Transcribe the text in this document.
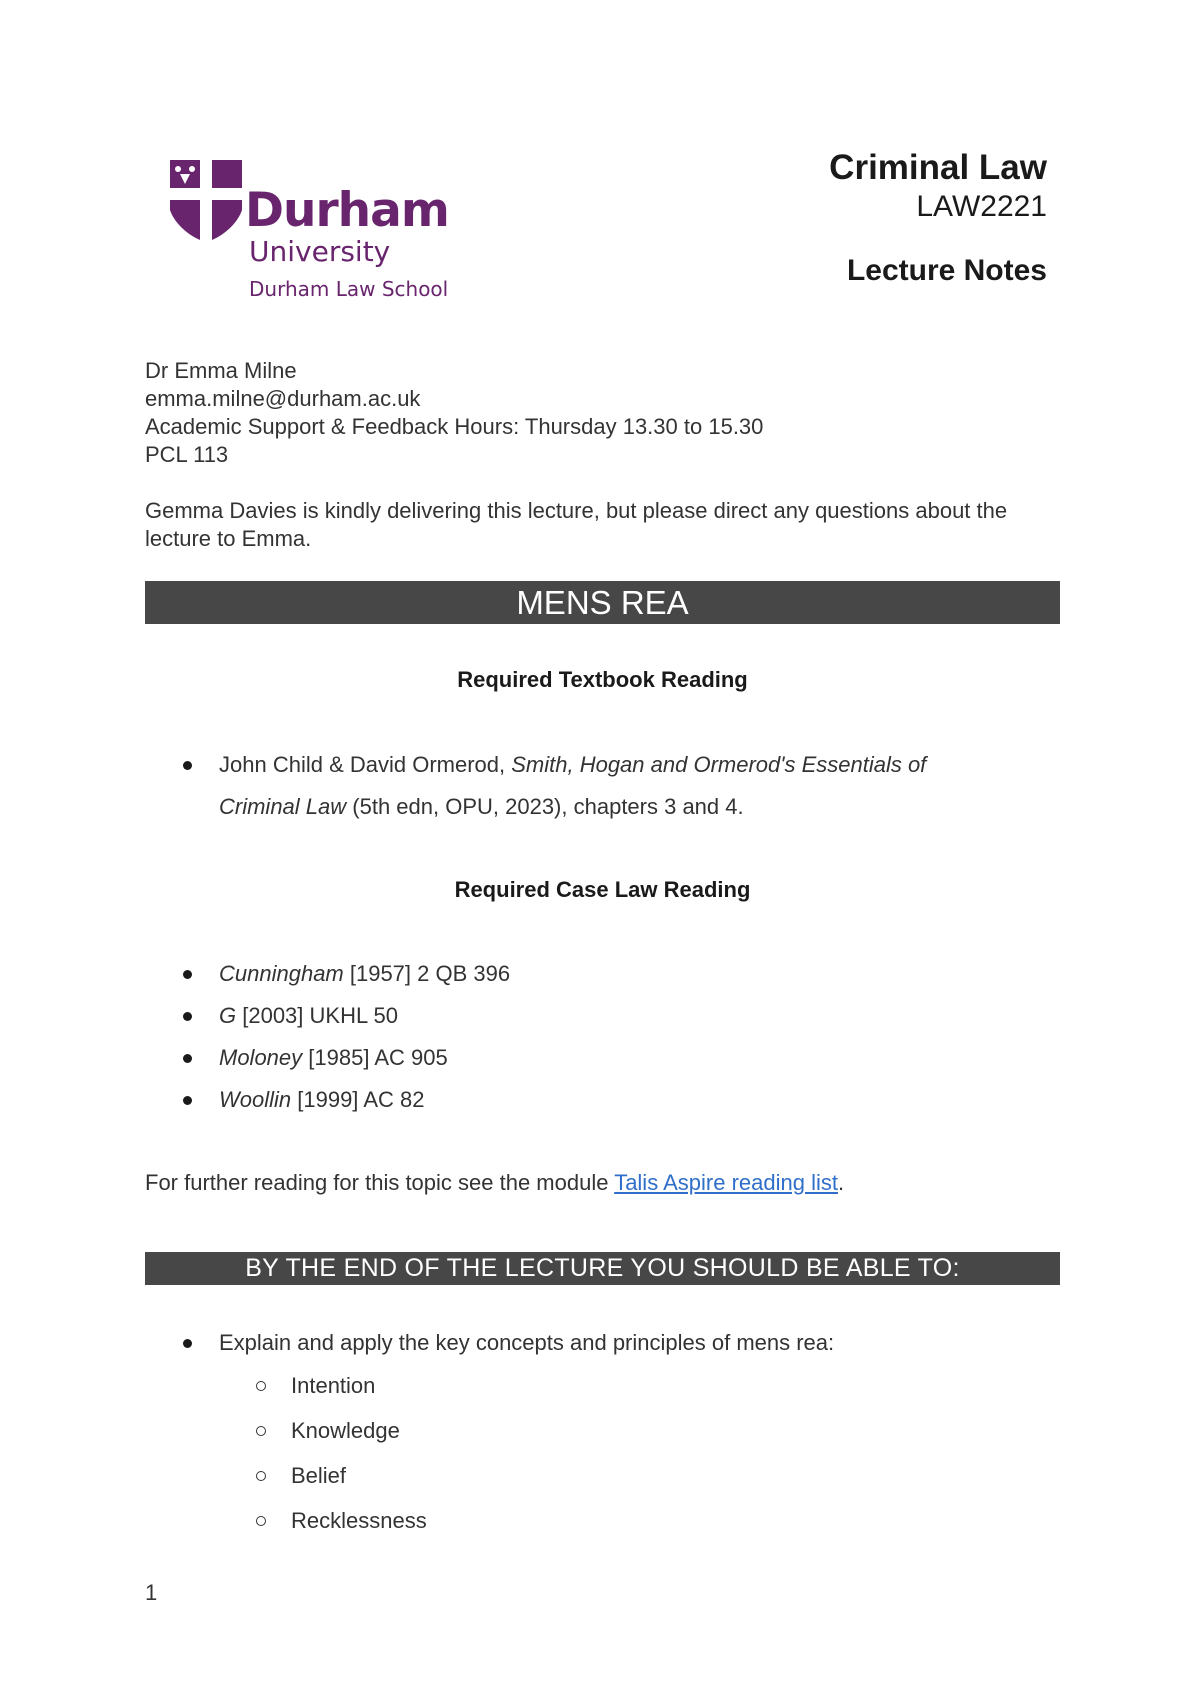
Durham
University
Durham Law School
Criminal Law
LAW2221
Lecture Notes
Dr Emma Milne
emma.milne@durham.ac.uk
Academic Support & Feedback Hours: Thursday 13.30 to 15.30
PCL 113
Gemma Davies is kindly delivering this lecture, but please direct any questions about the lecture to Emma.
MENS REA
Required Textbook Reading
John Child & David Ormerod, Smith, Hogan and Ormerod's Essentials of
Criminal Law (5th edn, OPU, 2023), chapters 3 and 4.
Required Case Law Reading
Cunningham [1957] 2 QB 396
G [2003] UKHL 50
Moloney [1985] AC 905
Woollin [1999] AC 82
For further reading for this topic see the module Talis Aspire reading list.
BY THE END OF THE LECTURE YOU SHOULD BE ABLE TO:
Explain and apply the key concepts and principles of mens rea:
Intention
Knowledge
Belief
Recklessness
1
